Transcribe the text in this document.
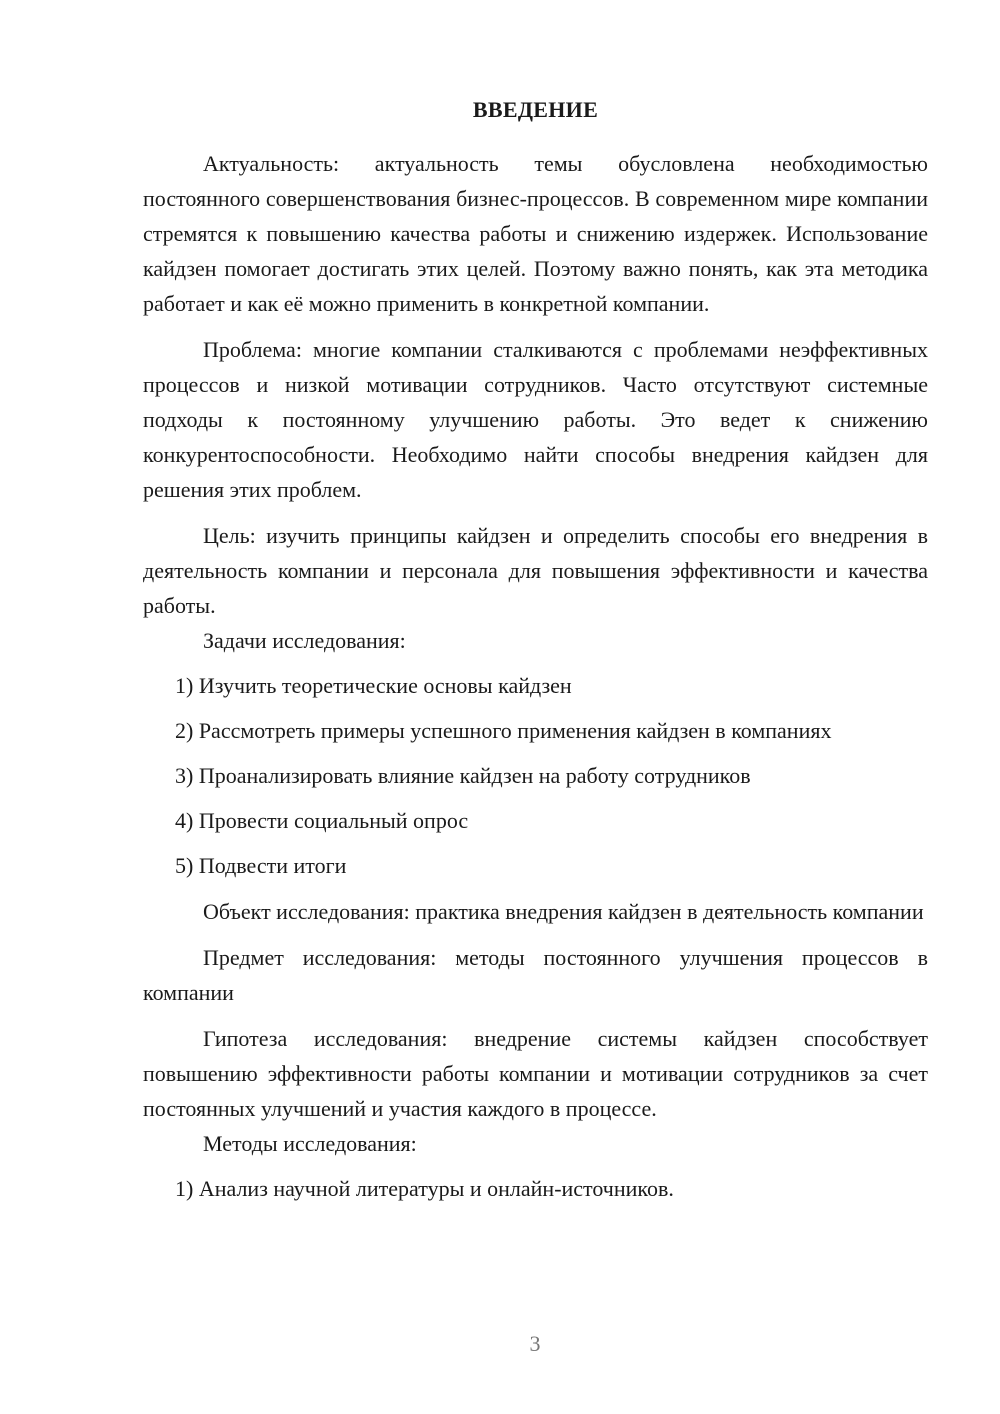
ВВЕДЕНИЕ

Актуальность: актуальность темы обусловлена необходимостью постоянного совершенствования бизнес-процессов. В современном мире компании стремятся к повышению качества работы и снижению издержек. Использование кайдзен помогает достигать этих целей. Поэтому важно понять, как эта методика работает и как её можно применить в конкретной компании.

Проблема: многие компании сталкиваются с проблемами неэффективных процессов и низкой мотивации сотрудников. Часто отсутствуют системные подходы к постоянному улучшению работы. Это ведет к снижению конкурентоспособности. Необходимо найти способы внедрения кайдзен для решения этих проблем.

Цель: изучить принципы кайдзен и определить способы его внедрения в деятельность компании и персонала для повышения эффективности и качества работы.

Задачи исследования:

1) Изучить теоретические основы кайдзен

2) Рассмотреть примеры успешного применения кайдзен в компаниях

3) Проанализировать влияние кайдзен на работу сотрудников

4) Провести социальный опрос

5) Подвести итоги

Объект исследования: практика внедрения кайдзен в деятельность компании

Предмет исследования: методы постоянного улучшения процессов в компании

Гипотеза исследования: внедрение системы кайдзен способствует повышению эффективности работы компании и мотивации сотрудников за счет постоянных улучшений и участия каждого в процессе.

Методы исследования:

1) Анализ научной литературы и онлайн-источников.

3
